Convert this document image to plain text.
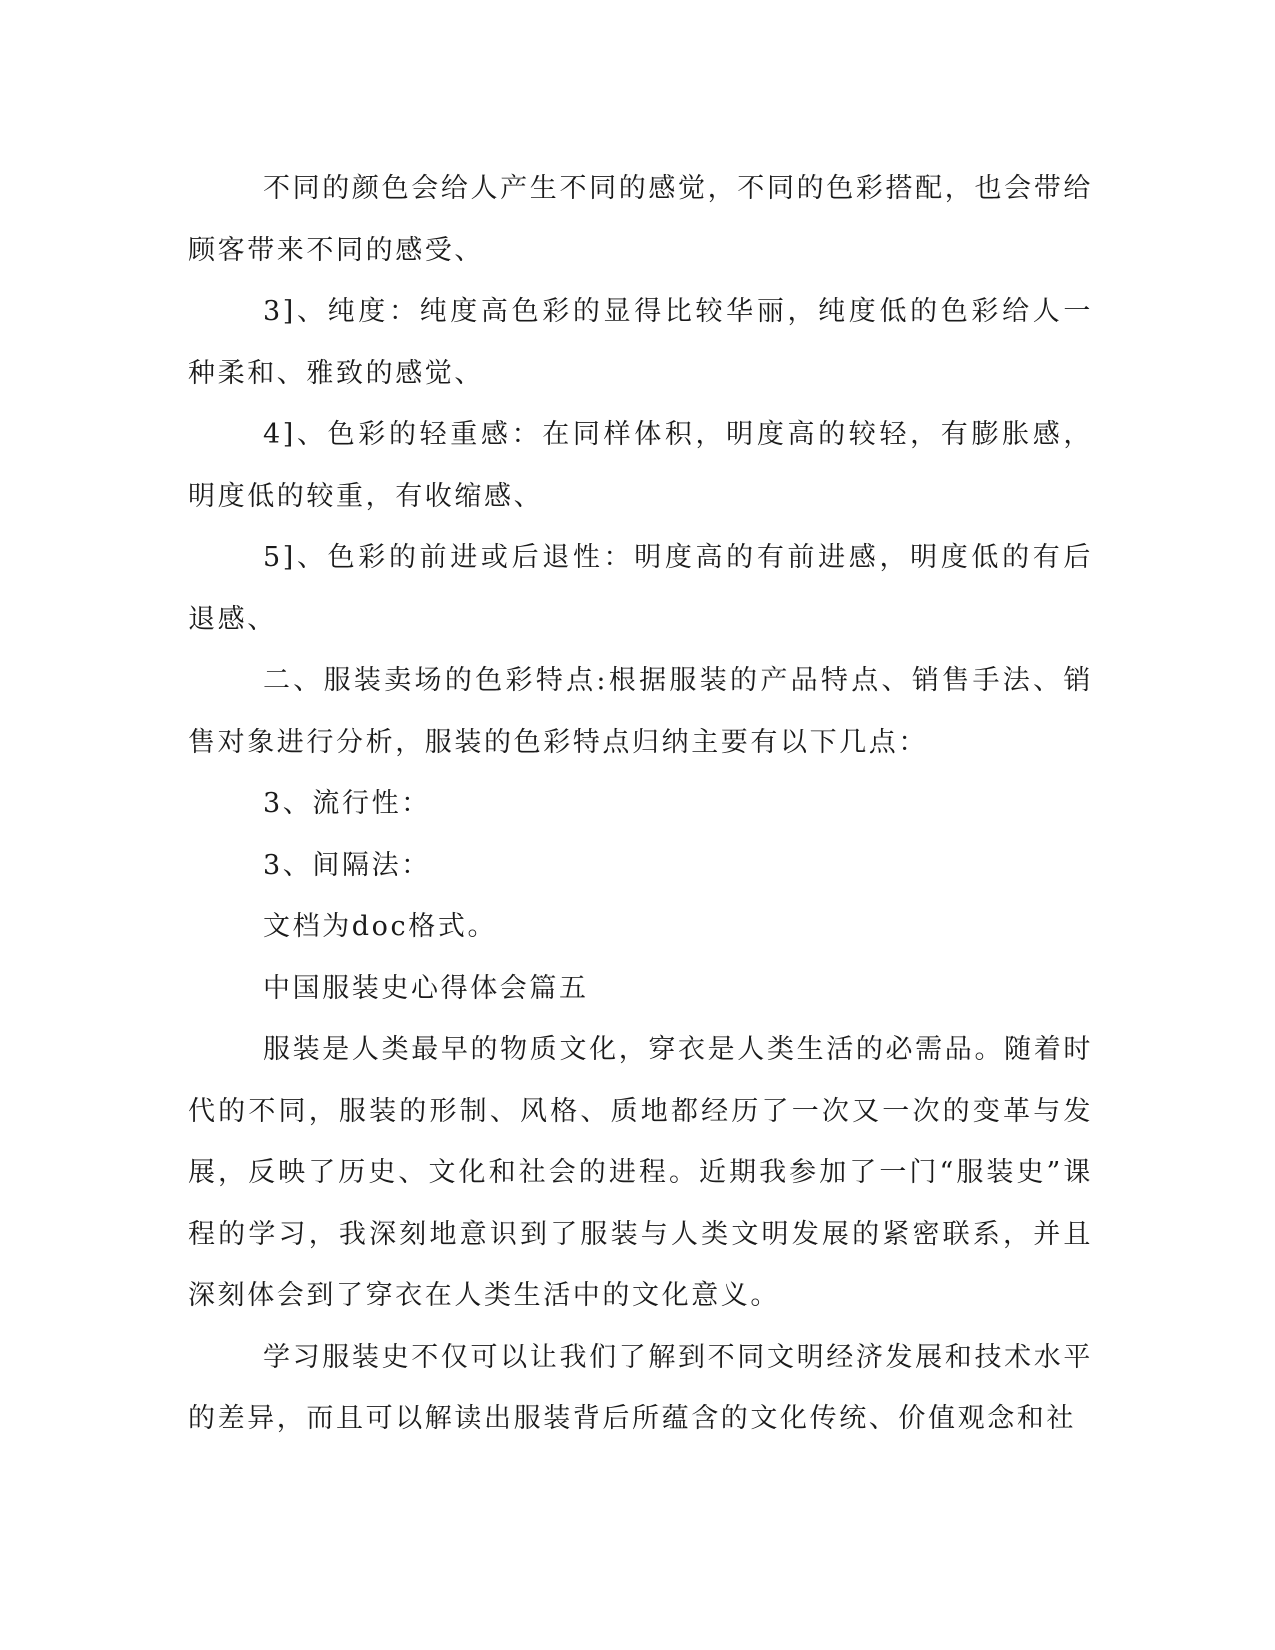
不同的颜色会给人产生不同的感觉，不同的色彩搭配，也会带给顾客带来不同的感受、

3]、纯度：纯度高色彩的显得比较华丽，纯度低的色彩给人一种柔和、雅致的感觉、

4]、色彩的轻重感：在同样体积，明度高的较轻，有膨胀感，明度低的较重，有收缩感、

5]、色彩的前进或后退性：明度高的有前进感，明度低的有后退感、

二、服装卖场的色彩特点:根据服装的产品特点、销售手法、销售对象进行分析，服装的色彩特点归纳主要有以下几点：

3、流行性：

3、间隔法：

文档为doc格式。

中国服装史心得体会篇五

服装是人类最早的物质文化，穿衣是人类生活的必需品。随着时代的不同，服装的形制、风格、质地都经历了一次又一次的变革与发展，反映了历史、文化和社会的进程。近期我参加了一门“服装史”课程的学习，我深刻地意识到了服装与人类文明发展的紧密联系，并且深刻体会到了穿衣在人类生活中的文化意义。

学习服装史不仅可以让我们了解到不同文明经济发展和技术水平的差异，而且可以解读出服装背后所蕴含的文化传统、价值观念和社
